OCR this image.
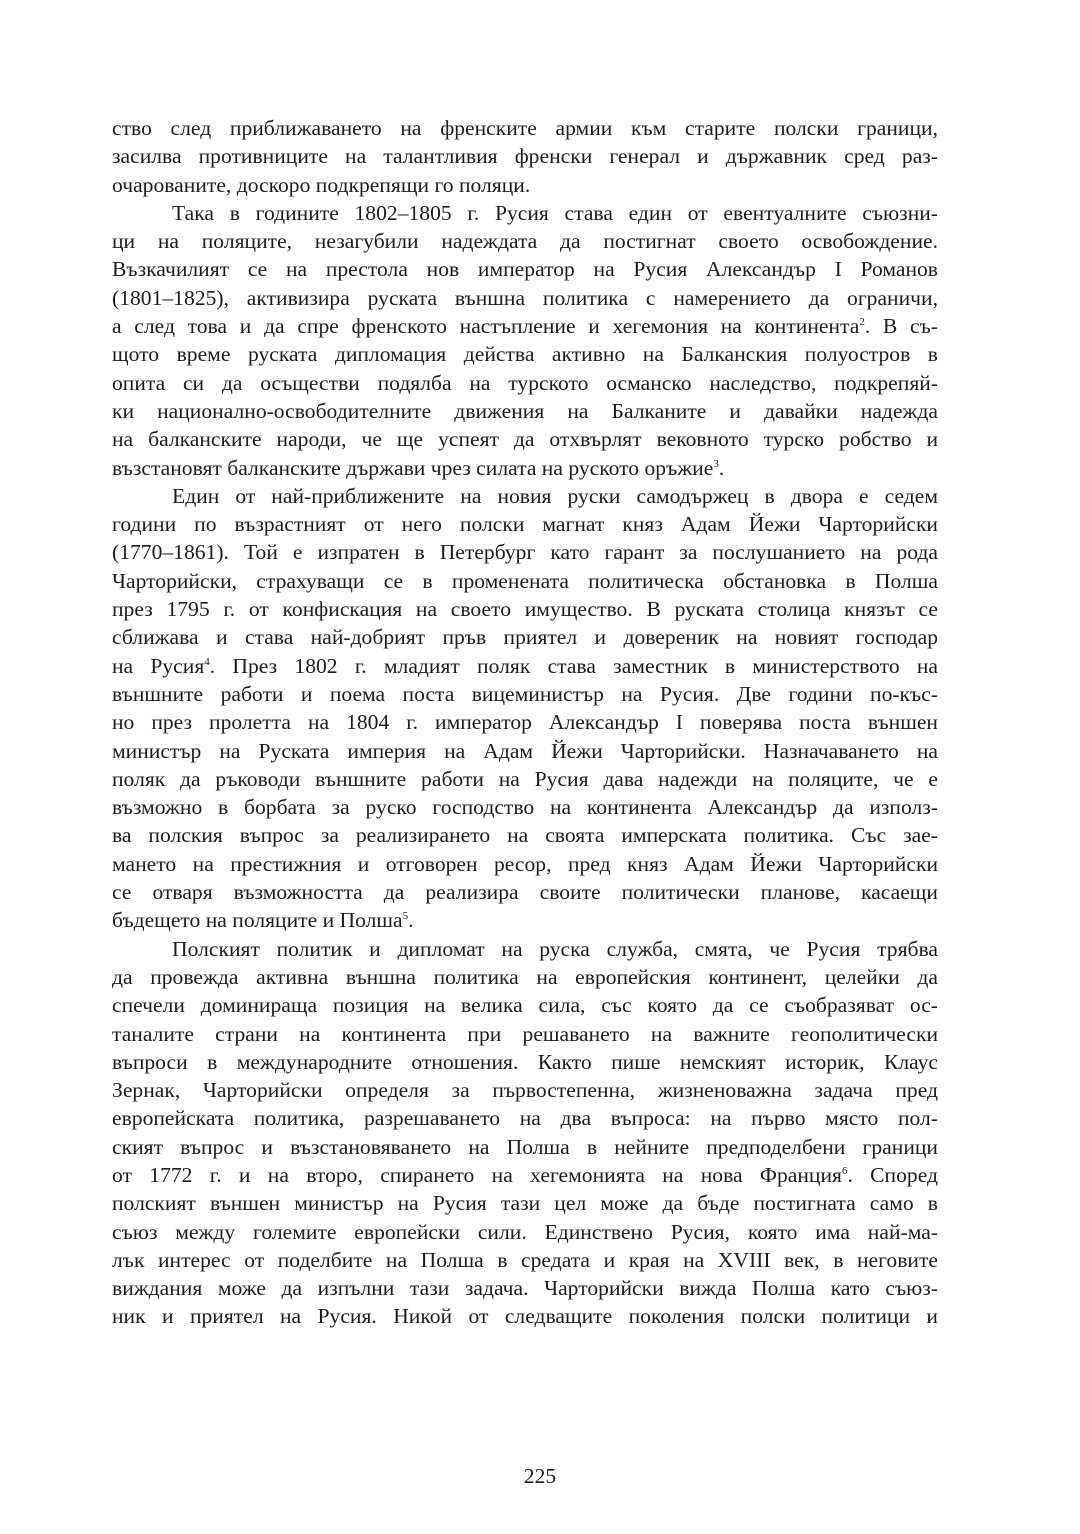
ство след приближаването на френските армии към старите полски граници,
засилва противниците на талантливия френски генерал и държавник сред раз-
очарованите, доскоро подкрепящи го поляци.
Така в годините 1802–1805 г. Русия става един от евентуалните съюзни-
ци на поляците, незагубили надеждата да постигнат своето освобождение.
Възкачилият се на престола нов император на Русия Александър I Романов
(1801–1825), активизира руската външна политика с намерението да ограничи,
а след това и да спре френското настъпление и хегемония на континента$^2$. В съ-
щото време руската дипломация действа активно на Балканския полуостров в
опита си да осъществи подялба на турското османско наследство, подкрепяй-
ки национално-освободителните движения на Балканите и давайки надежда
на балканските народи, че ще успеят да отхвърлят вековното турско робство и
възстановят балканските държави чрез силата на руското оръжие$^3$.
Един от най-приближените на новия руски самодържец в двора е седем
години по възрастният от него полски магнат княз Адам Йежи Чарторийски
(1770–1861). Той е изпратен в Петербург като гарант за послушанието на рода
Чарторийски, страхуващи се в променената политическа обстановка в Полша
през 1795 г. от конфискация на своето имущество. В руската столица князът се
сближава и става най-добрият пръв приятел и довереник на новият господар
на Русия$^4$. През 1802 г. младият поляк става заместник в министерството на
външните работи и поема поста вицеминистър на Русия. Две години по-къс-
но през пролетта на 1804 г. император Александър I поверява поста външен
министър на Руската империя на Адам Йежи Чарторийски. Назначаването на
поляк да ръководи външните работи на Русия дава надежди на поляците, че е
възможно в борбата за руско господство на континента Александър да използ-
ва полския въпрос за реализирането на своята имперската политика. Със зае-
мането на престижния и отговорен ресор, пред княз Адам Йежи Чарторийски
се отваря възможността да реализира своите политически планове, касаещи
бъдещето на поляците и Полша$^5$.
Полският политик и дипломат на руска служба, смята, че Русия трябва
да провежда активна външна политика на европейския континент, целейки да
спечели доминираща позиция на велика сила, със която да се съобразяват ос-
таналите страни на континента при решаването на важните геополитически
въпроси в международните отношения. Както пише немският историк, Клаус
Зернак, Чарторийски определя за първостепенна, жизненоважна задача пред
европейската политика, разрешаването на два въпроса: на първо място пол-
ският въпрос и възстановяването на Полша в нейните предподелбени граници
от 1772 г. и на второ, спирането на хегемонията на нова Франция$^6$. Според
полският външен министър на Русия тази цел може да бъде постигната само в
съюз между големите европейски сили. Единствено Русия, която има най-ма-
лък интерес от поделбите на Полша в средата и края на XVIII век, в неговите
виждания може да изпълни тази задача. Чарторийски вижда Полша като съюз-
ник и приятел на Русия. Никой от следващите поколения полски политици и
225
